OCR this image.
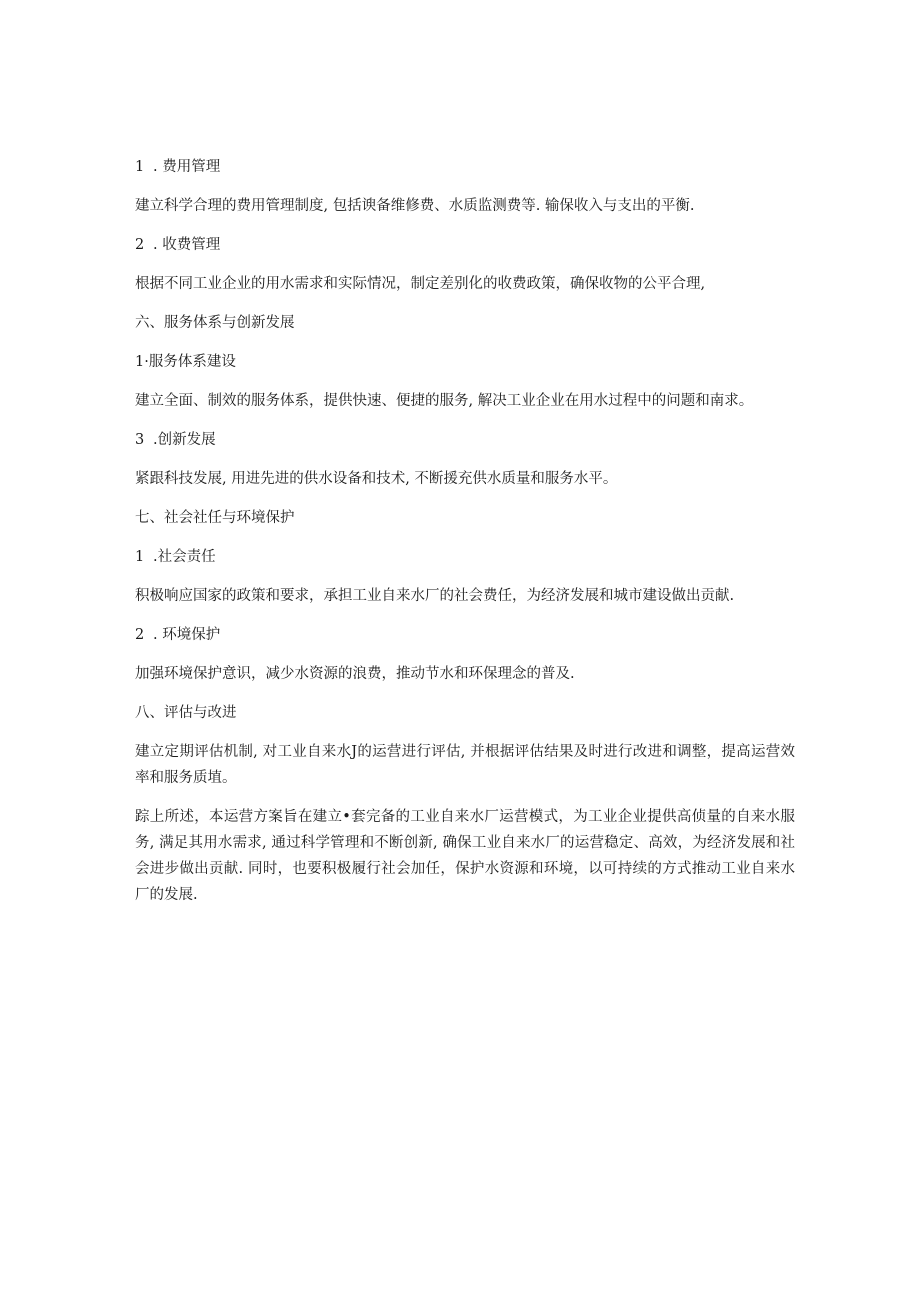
1 . 费用管理
建立科学合理的费用管理制度, 包括谀备维修费、水质监测费等. 输保收入与支出的平衡.
2 . 收费管理
根据不同工业企业的用水需求和实际情况，制定差别化的收费政策，确保收物的公平合理,
六、服务体系与创新发展
1·服务体系建设
建立全面、制效的服务体系，提供快速、便捷的服务, 解决工业企业在用水过程中的问题和南求。
3 .创新发展
紧跟科技发展, 用进先进的供水设备和技术, 不断援充供水质量和服务水平。
七、社会社任与环境保护
1 .社会责任
积极响应国家的政策和要求，承担工业自来水厂的社会费任，为经济发展和城市建设做出贡献.
2 . 环境保护
加强环境保护意识，减少水资源的浪费，推动节水和环保理念的普及.
八、评估与改进
建立定期评估机制, 对工业自来水J的运营进行评估, 并根据评估结果及时进行改进和调整，提高运营效率和服务质埴。
踪上所述，本运营方案旨在建立•套完备的工业自来水厂运营模式，为工业企业提供高侦量的自来水服务, 满足其用水需求, 通过科学管理和不断创新, 确保工业自来水厂的运营稳定、高效，为经济发展和社会进步做出贡献. 同时，也要积极履行社会加任，保护水资源和环境，以可持续的方式推动工业自来水厂的发展.
